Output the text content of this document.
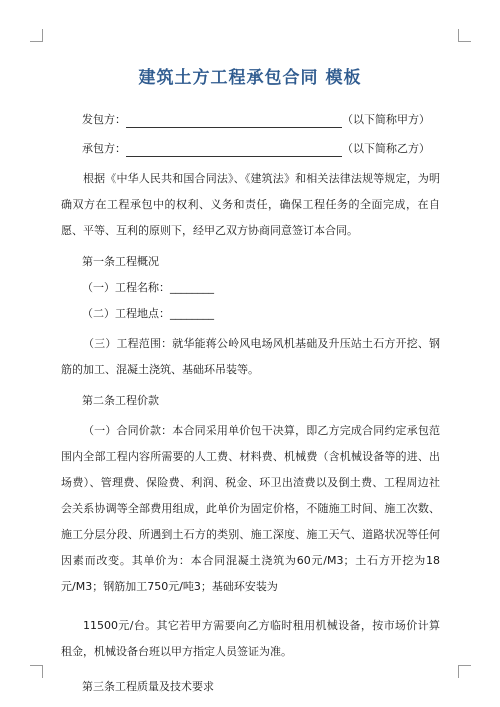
建筑土方工程承包合同 模板
发包方：	（以下简称甲方）
承包方：	（以下简称乙方）
根据《中华人民共和国合同法》、《建筑法》和相关法律法规等规定，为明确双方在工程承包中的权利、义务和责任，确保工程任务的全面完成，在自愿、平等、互利的原则下，经甲乙双方协商同意签订本合同。
第一条工程概况
（一）工程名称：________
（二）工程地点：________
（三）工程范围：就华能蒋公岭风电场风机基础及升压站土石方开挖、钢筋的加工、混凝土浇筑、基础环吊装等。
第二条工程价款
（一）合同价款：本合同采用单价包干决算，即乙方完成合同约定承包范围内全部工程内容所需要的人工费、材料费、机械费（含机械设备等的进、出场费）、管理费、保险费、利润、税金、环卫出渣费以及倒土费、工程周边社会关系协调等全部费用组成，此单价为固定价格，不随施工时间、施工次数、施工分层分段、所遇到土石方的类别、施工深度、施工天气、道路状况等任何因素而改变。其单价为：本合同混凝土浇筑为60元/M3；土石方开挖为18元/M3；钢筋加工750元/吨3；基础环安装为
11500元/台。其它若甲方需要向乙方临时租用机械设备，按市场价计算租金，机械设备台班以甲方指定人员签证为准。
第三条工程质量及技术要求
